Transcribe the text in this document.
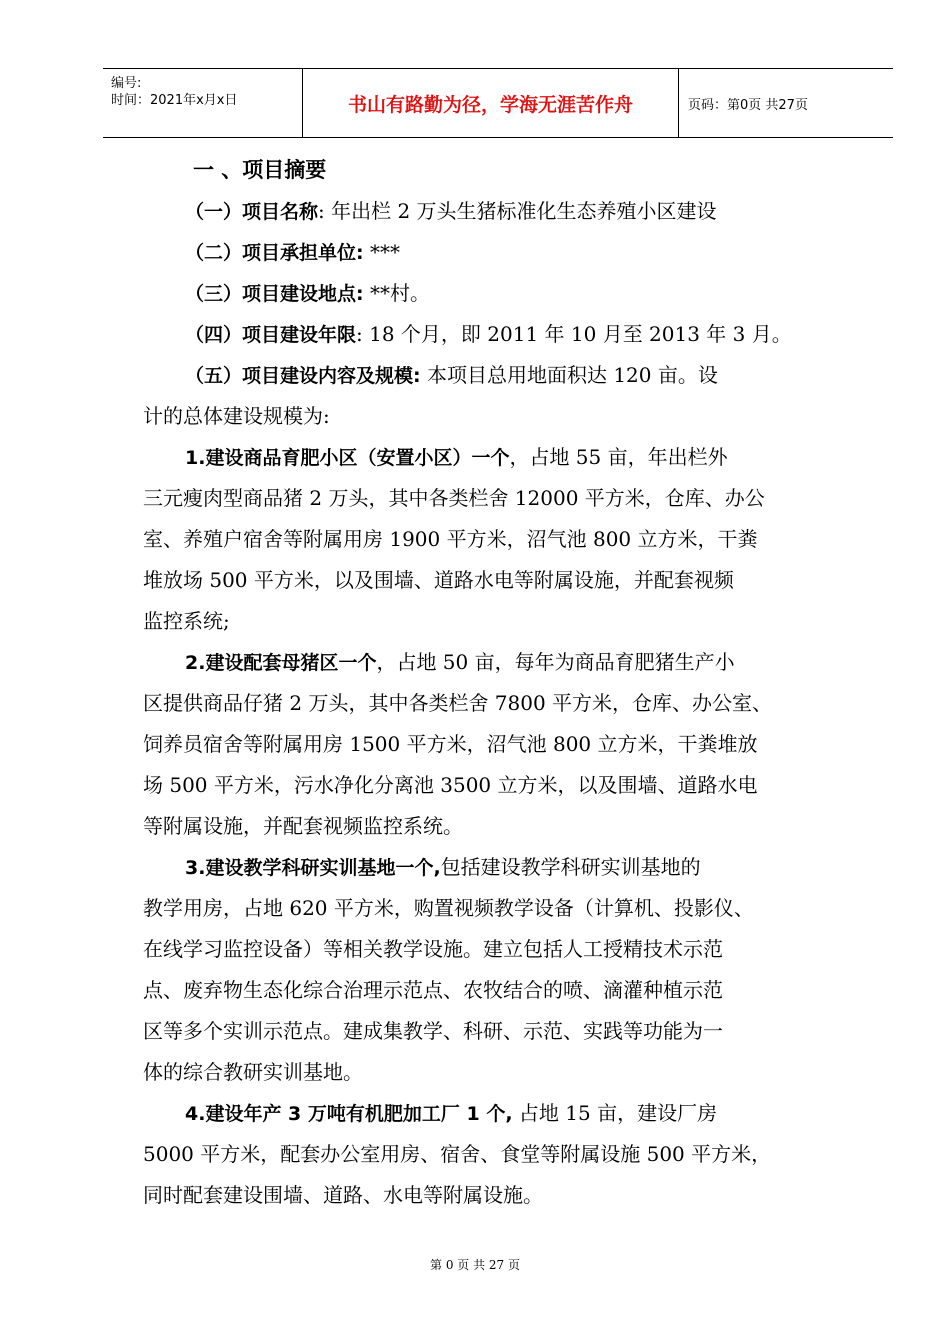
编号:
时间：2021年x月x日	书山有路勤为径，学海无涯苦作舟	页码：第0页 共27页
一 、项目摘要
（一）项目名称: 年出栏 2 万头生猪标准化生态养殖小区建设
（二）项目承担单位: ***
（三）项目建设地点: **村。
（四）项目建设年限: 18 个月，即 2011 年 10 月至 2013 年 3 月。
（五）项目建设内容及规模: 本项目总用地面积达 120 亩。设
计的总体建设规模为:
1.建设商品育肥小区（安置小区）一个，占地 55 亩，年出栏外
三元瘦肉型商品猪 2 万头，其中各类栏舍 12000 平方米，仓库、办公
室、养殖户宿舍等附属用房 1900 平方米，沼气池 800 立方米，干粪
堆放场 500 平方米，以及围墙、道路水电等附属设施，并配套视频
监控系统;
2.建设配套母猪区一个，占地 50 亩，每年为商品育肥猪生产小
区提供商品仔猪 2 万头，其中各类栏舍 7800 平方米，仓库、办公室、
饲养员宿舍等附属用房 1500 平方米，沼气池 800 立方米，干粪堆放
场 500 平方米，污水净化分离池 3500 立方米，以及围墙、道路水电
等附属设施，并配套视频监控系统。
3.建设教学科研实训基地一个,包括建设教学科研实训基地的
教学用房，占地 620 平方米，购置视频教学设备（计算机、投影仪、
在线学习监控设备）等相关教学设施。建立包括人工授精技术示范
点、废弃物生态化综合治理示范点、农牧结合的喷、滴灌种植示范
区等多个实训示范点。建成集教学、科研、示范、实践等功能为一
体的综合教研实训基地。
4.建设年产 3 万吨有机肥加工厂 1 个, 占地 15 亩，建设厂房
5000 平方米，配套办公室用房、宿舍、食堂等附属设施 500 平方米，
同时配套建设围墙、道路、水电等附属设施。
第 0 页 共 27 页
